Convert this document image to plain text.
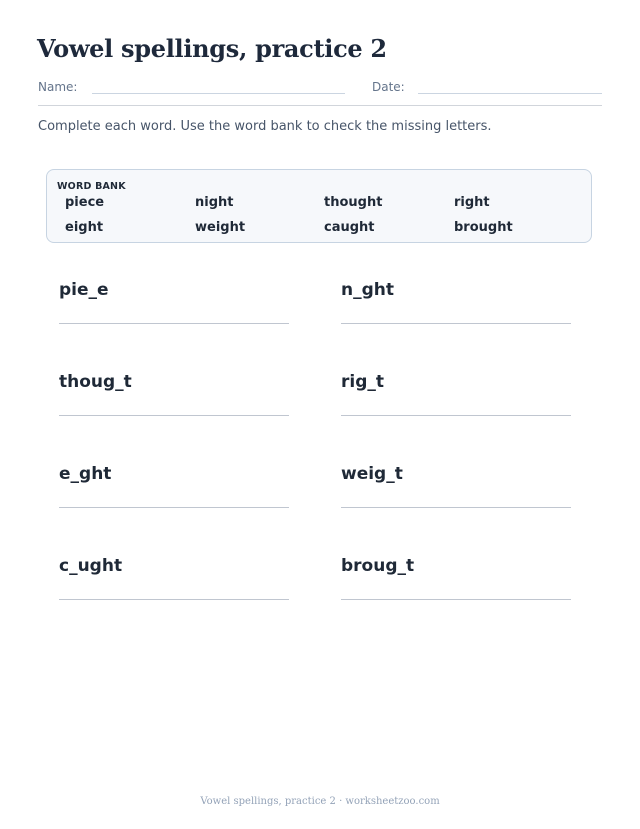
Vowel spellings, practice 2
Name:	Date:
Complete each word. Use the word bank to check the missing letters.
WORD BANK
piece	night	thought	right
eight	weight	caught	brought
pie_e	n_ght
thoug_t	rig_t
e_ght	weig_t
c_ught	broug_t
Vowel spellings, practice 2 · worksheetzoo.com
